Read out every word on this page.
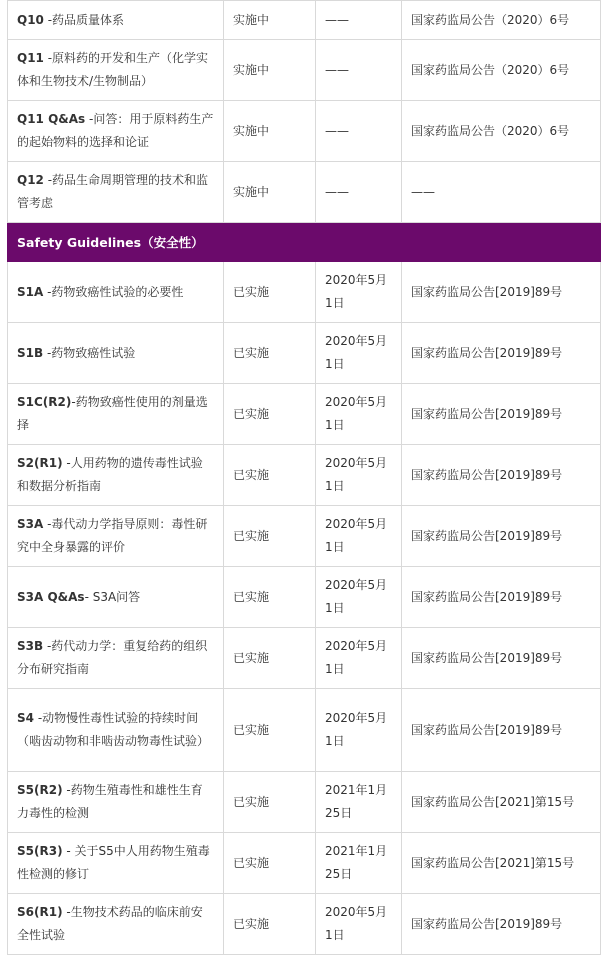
Q10 -药品质量体系	实施中	——	国家药监局公告（2020）6号
Q11 -原料药的开发和生产（化学实体和生物技术/生物制品）	实施中	——	国家药监局公告（2020）6号
Q11 Q&As -问答：用于原料药生产的起始物料的选择和论证	实施中	——	国家药监局公告（2020）6号
Q12 -药品生命周期管理的技术和监管考虑	实施中	——	——
Safety Guidelines（安全性）			
S1A -药物致癌性试验的必要性	已实施	2020年5月1日	国家药监局公告[2019]89号
S1B -药物致癌性试验	已实施	2020年5月1日	国家药监局公告[2019]89号
S1C(R2)-药物致癌性使用的剂量选择	已实施	2020年5月1日	国家药监局公告[2019]89号
S2(R1) -人用药物的遗传毒性试验和数据分析指南	已实施	2020年5月1日	国家药监局公告[2019]89号
S3A -毒代动力学指导原则：毒性研究中全身暴露的评价	已实施	2020年5月1日	国家药监局公告[2019]89号
S3A Q&As- S3A问答	已实施	2020年5月1日	国家药监局公告[2019]89号
S3B -药代动力学：重复给药的组织分布研究指南	已实施	2020年5月1日	国家药监局公告[2019]89号
S4 -动物慢性毒性试验的持续时间（啮齿动物和非啮齿动物毒性试验）	已实施	2020年5月1日	国家药监局公告[2019]89号
S5(R2) -药物生殖毒性和雄性生育力毒性的检测	已实施	2021年1月25日	国家药监局公告[2021]第15号
S5(R3) - 关于S5中人用药物生殖毒性检测的修订	已实施	2021年1月25日	国家药监局公告[2021]第15号
S6(R1) -生物技术药品的临床前安全性试验	已实施	2020年5月1日	国家药监局公告[2019]89号
